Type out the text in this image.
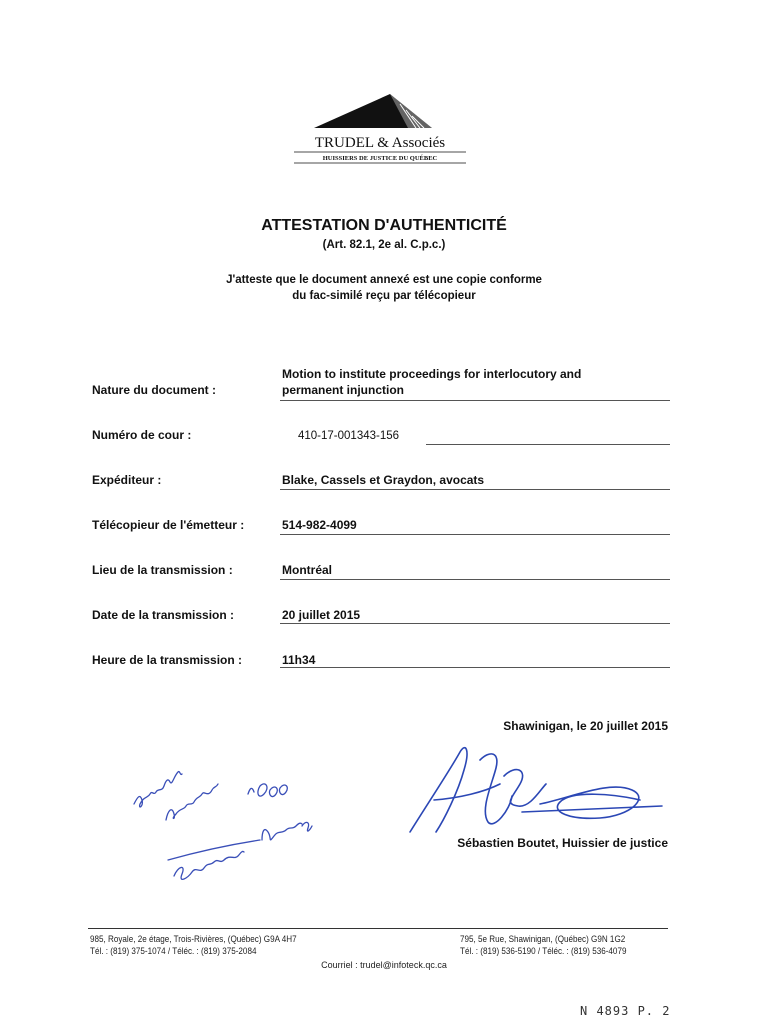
TRUDEL & Associés
HUISSIERS DE JUSTICE DU QUÉBEC
ATTESTATION D'AUTHENTICITÉ
(Art. 82.1, 2e al. C.p.c.)
J'atteste que le document annexé est une copie conforme
du fac-similé reçu par télécopieur
Nature du document :
Motion to institute proceedings for interlocutory and
permanent injunction
Numéro de cour :	410-17-001343-156
Expéditeur :	Blake, Cassels et Graydon, avocats
Télécopieur de l'émetteur :	514-982-4099
Lieu de la transmission :	Montréal
Date de la transmission :	20 juillet 2015
Heure de la transmission :	11h34
Shawinigan, le 20 juillet 2015
Sébastien Boutet, Huissier de justice
985, Royale, 2e étage, Trois-Rivières, (Québec) G9A 4H7
Tél. : (819) 375-1074 / Téléc. : (819) 375-2084
795, 5e Rue, Shawinigan, (Québec) G9N 1G2
Tél. : (819) 536-5190 / Téléc. : (819) 536-4079
Courriel : trudel@infoteck.qc.ca
N 4893 P. 2
